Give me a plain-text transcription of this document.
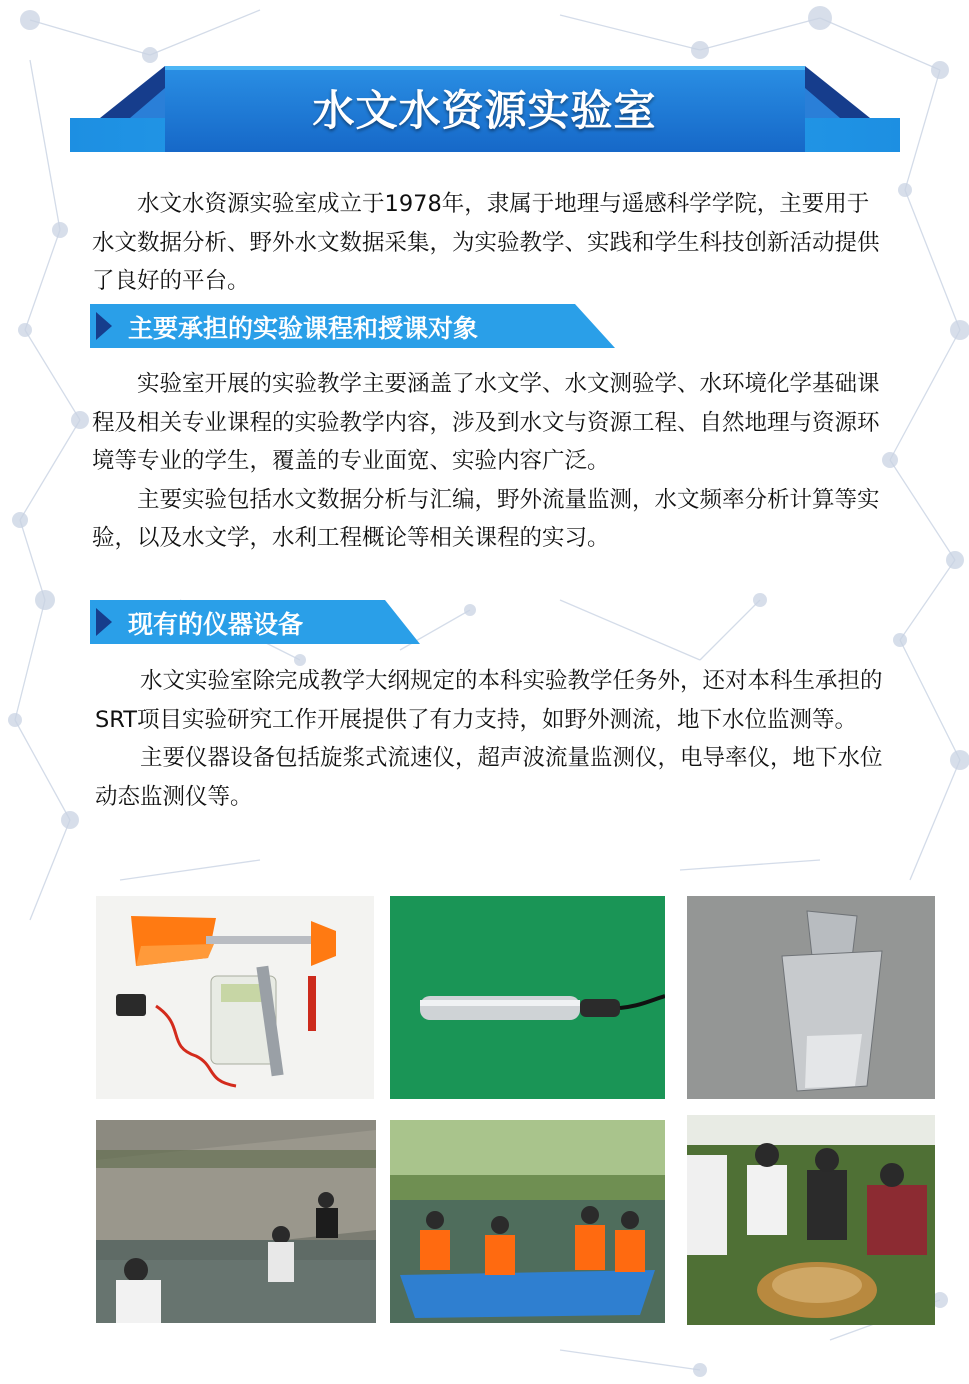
水文水资源实验室

水文水资源实验室成立于1978年，隶属于地理与遥感科学学院，主要用于水文数据分析、野外水文数据采集，为实验教学、实践和学生科技创新活动提供了良好的平台。

主要承担的实验课程和授课对象

实验室开展的实验教学主要涵盖了水文学、水文测验学、水环境化学基础课程及相关专业课程的实验教学内容，涉及到水文与资源工程、自然地理与资源环境等专业的学生，覆盖的专业面宽、实验内容广泛。

主要实验包括水文数据分析与汇编，野外流量监测，水文频率分析计算等实验，以及水文学，水利工程概论等相关课程的实习。

现有的仪器设备

水文实验室除完成教学大纲规定的本科实验教学任务外，还对本科生承担的SRT项目实验研究工作开展提供了有力支持，如野外测流，地下水位监测等。

主要仪器设备包括旋浆式流速仪，超声波流量监测仪，电导率仪，地下水位动态监测仪等。
